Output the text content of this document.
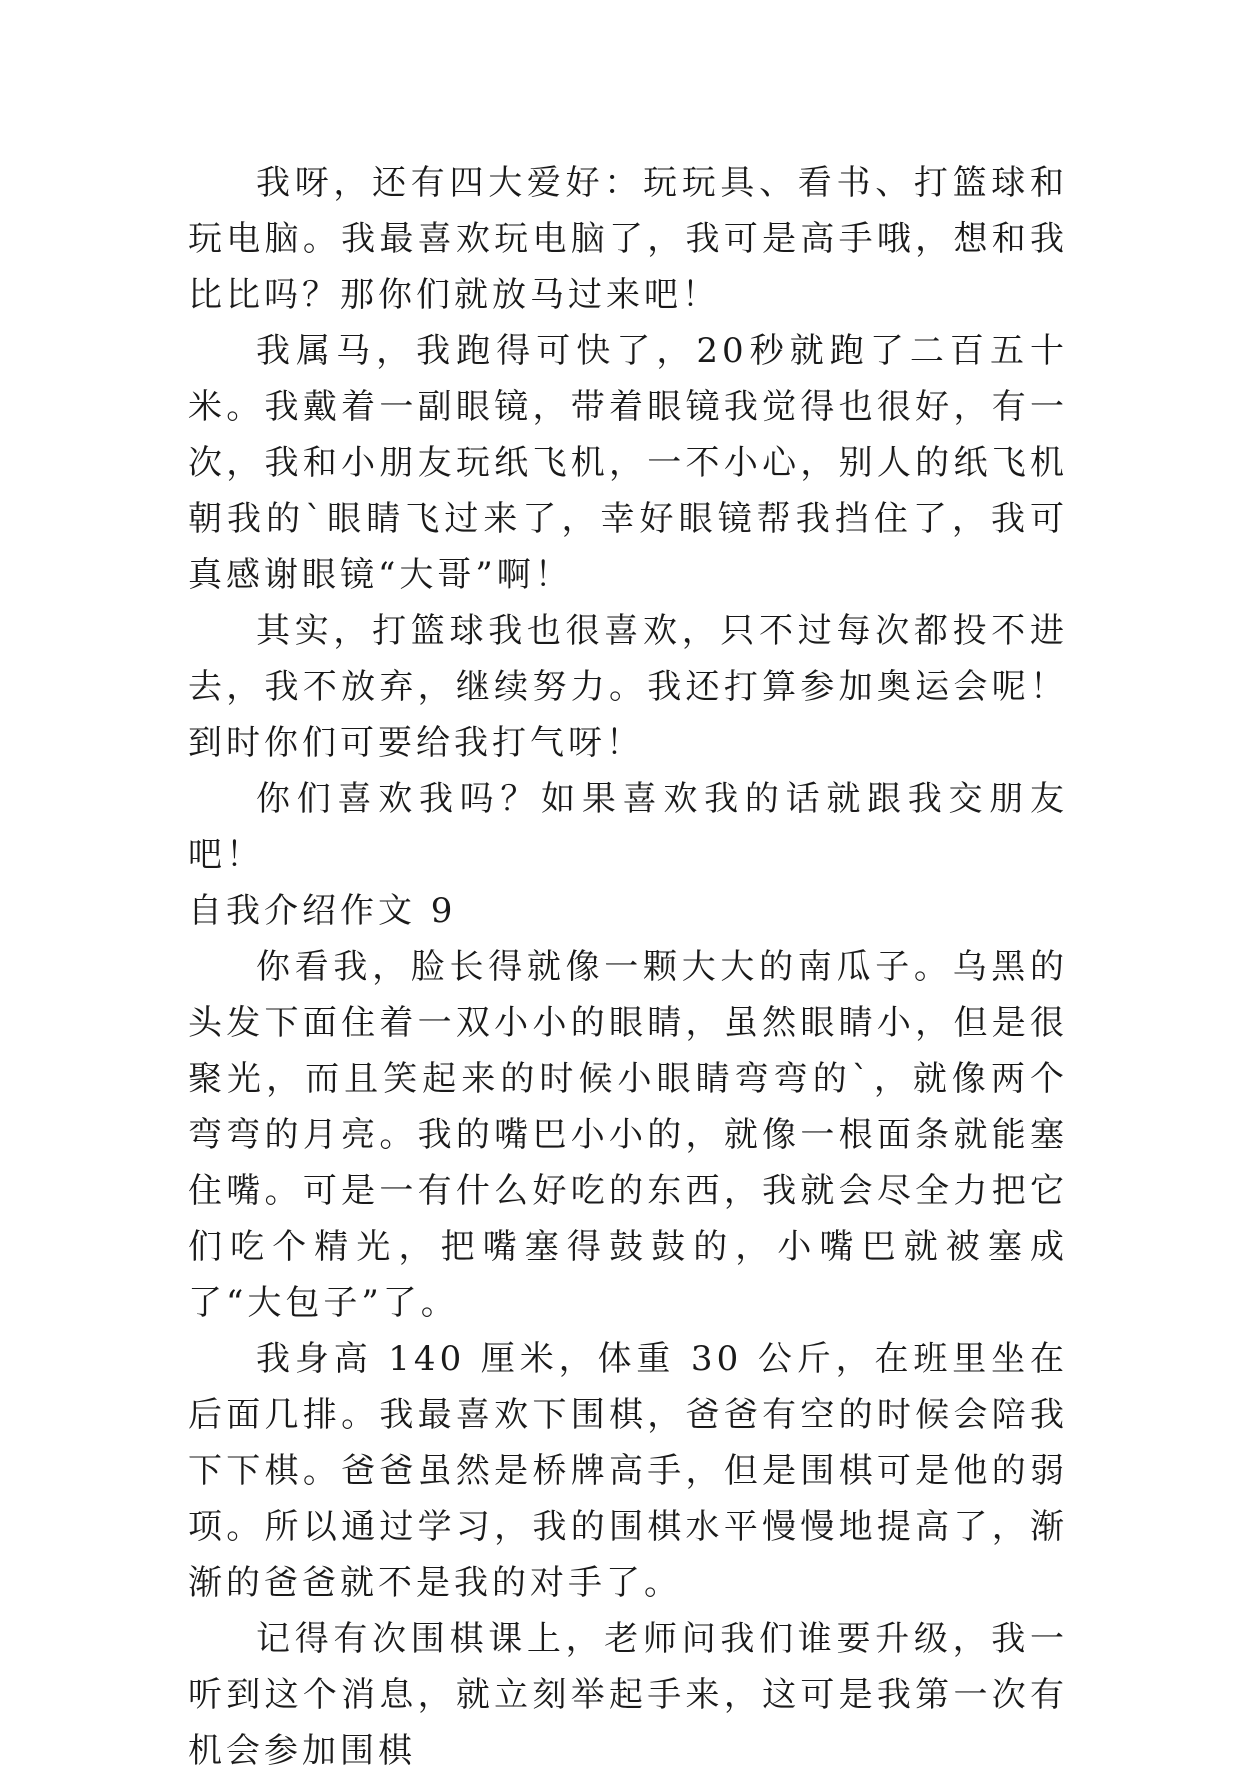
我呀，还有四大爱好：玩玩具、看书、打篮球和玩电脑。我最喜欢玩电脑了，我可是高手哦，想和我比比吗？那你们就放马过来吧！

我属马，我跑得可快了，20秒就跑了二百五十米。我戴着一副眼镜，带着眼镜我觉得也很好，有一次，我和小朋友玩纸飞机，一不小心，别人的纸飞机朝我的`眼睛飞过来了，幸好眼镜帮我挡住了，我可真感谢眼镜“大哥”啊！

其实，打篮球我也很喜欢，只不过每次都投不进去，我不放弃，继续努力。我还打算参加奥运会呢！到时你们可要给我打气呀！

你们喜欢我吗？如果喜欢我的话就跟我交朋友吧！

自我介绍作文 9

你看我，脸长得就像一颗大大的南瓜子。乌黑的头发下面住着一双小小的眼睛，虽然眼睛小，但是很聚光，而且笑起来的时候小眼睛弯弯的`，就像两个弯弯的月亮。我的嘴巴小小的，就像一根面条就能塞住嘴。可是一有什么好吃的东西，我就会尽全力把它们吃个精光，把嘴塞得鼓鼓的，小嘴巴就被塞成了“大包子”了。

我身高 140 厘米，体重 30 公斤，在班里坐在后面几排。我最喜欢下围棋，爸爸有空的时候会陪我下下棋。爸爸虽然是桥牌高手，但是围棋可是他的弱项。所以通过学习，我的围棋水平慢慢地提高了，渐渐的爸爸就不是我的对手了。

记得有次围棋课上，老师问我们谁要升级，我一听到这个消息，就立刻举起手来，这可是我第一次有机会参加围棋
